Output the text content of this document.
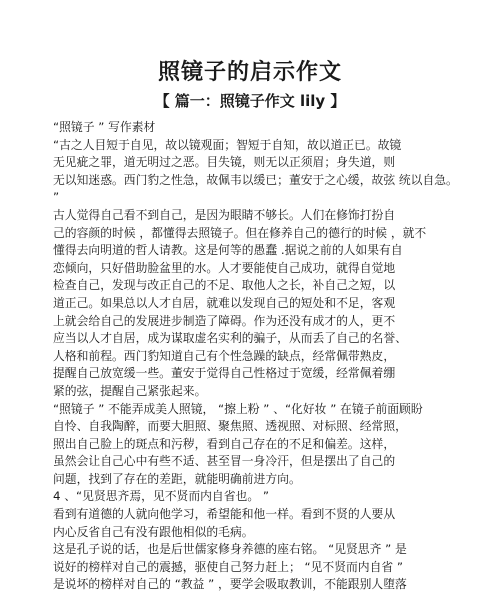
照镜子的启示作文
【 篇一：照镜子作文 lily 】
“照镜子 ” 写作素材
“古之人目短于自见，故以镜观面；智短于自知，故以道正已。故镜
无见疵之罪，道无明过之恶。目失镜，则无以正须眉；身失道，则
无以知迷惑。西门豹之性急，故佩韦以缓已；董安于之心缓，故弦 统以自急。
”
古人觉得自己看不到自己，是因为眼睛不够长。人们在修饰打扮自
己的容颜的时候 ，都懂得去照镜子。但在修养自己的德行的时候 ，就不
懂得去向明道的哲人请教。这是何等的愚蠢 .据说之前的人如果有自
恋倾向，只好借助脸盆里的水。人才要能使自己成功，就得自觉地
检查自己，发现与改正自己的不足、取他人之长，补自己之短，以
道正己。如果总以人才自居，就难以发现自己的短处和不足，客观
上就会给自己的发展进步制造了障碍。作为还没有成才的人，更不
应当以人才自居，成为谋取虚名实利的骗子，从而丢了自己的名誉、
人格和前程。西门豹知道自己有个性急躁的缺点，经常佩带熟皮，
提醒自己放宽缓一些。董安于觉得自己性格过于宽缓，经常佩着绷
紧的弦，提醒自己紧张起来。
“照镜子 ” 不能弄成美人照镜， “擦上粉 ” 、“化好妆 ” 在镜子前面顾盼
自怜、自我陶醉，而要大胆照、聚焦照、透视照、对标照、经常照，
照出自己脸上的斑点和污秽，看到自己存在的不足和偏差。这样，
虽然会让自己心中有些不适、甚至冒一身冷汗，但是摆出了自己的
问题，找到了存在的差距，就能明确前进方向。
4 、“见贤思齐焉，见不贤而内自省也。 ”
看到有道德的人就向他学习，希望能和他一样。看到不贤的人要从
内心反省自己有没有跟他相似的毛病。
这是孔子说的话，也是后世儒家修身养德的座右铭。 “见贤思齐 ” 是
说好的榜样对自己的震撼，驱使自己努力赶上； “见不贤而内自省 ”
是说坏的榜样对自己的 “教益 ” ，要学会吸取教训，不能跟别人堕落
